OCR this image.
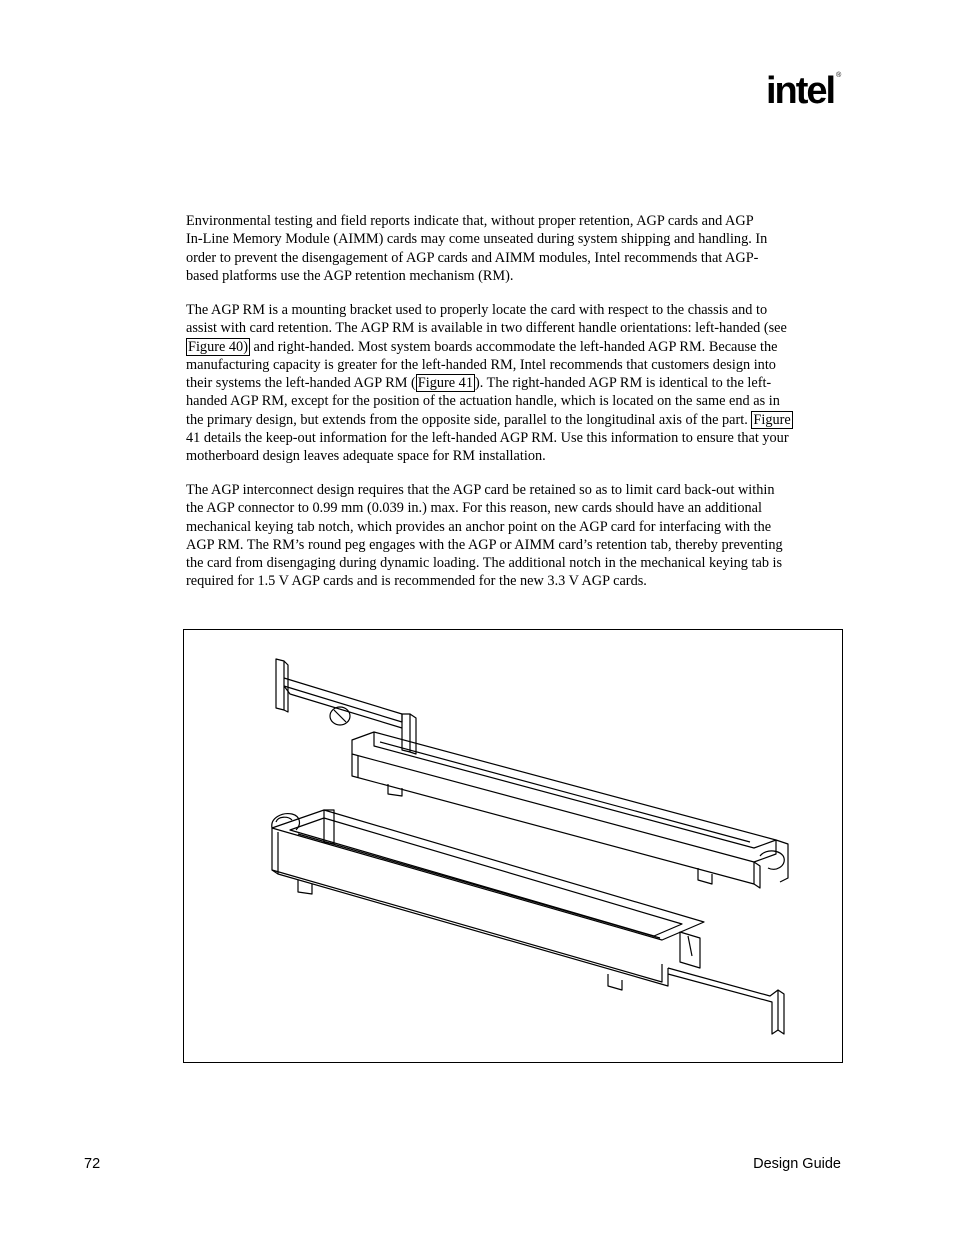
intel ®
Environmental testing and field reports indicate that, without proper retention, AGP cards and AGP
In-Line Memory Module (AIMM) cards may come unseated during system shipping and handling. In
order to prevent the disengagement of AGP cards and AIMM modules, Intel recommends that AGP-
based platforms use the AGP retention mechanism (RM).
The AGP RM is a mounting bracket used to properly locate the card with respect to the chassis and to
assist with card retention. The AGP RM is available in two different handle orientations: left-handed (see
Figure 40) and right-handed. Most system boards accommodate the left-handed AGP RM. Because the
manufacturing capacity is greater for the left-handed RM, Intel recommends that customers design into
their systems the left-handed AGP RM ( Figure 41 ). The right-handed AGP RM is identical to the left-
handed AGP RM, except for the position of the actuation handle, which is located on the same end as in
the primary design, but extends from the opposite side, parallel to the longitudinal axis of the part. Figure
41 details the keep-out information for the left-handed AGP RM. Use this information to ensure that your
motherboard design leaves adequate space for RM installation.
The AGP interconnect design requires that the AGP card be retained so as to limit card back-out within
the AGP connector to 0.99 mm (0.039 in.) max. For this reason, new cards should have an additional
mechanical keying tab notch, which provides an anchor point on the AGP card for interfacing with the
AGP RM. The RM’s round peg engages with the AGP or AIMM card’s retention tab, thereby preventing
the card from disengaging during dynamic loading. The additional notch in the mechanical keying tab is
required for 1.5 V AGP cards and is recommended for the new 3.3 V AGP cards.
72	Design Guide
